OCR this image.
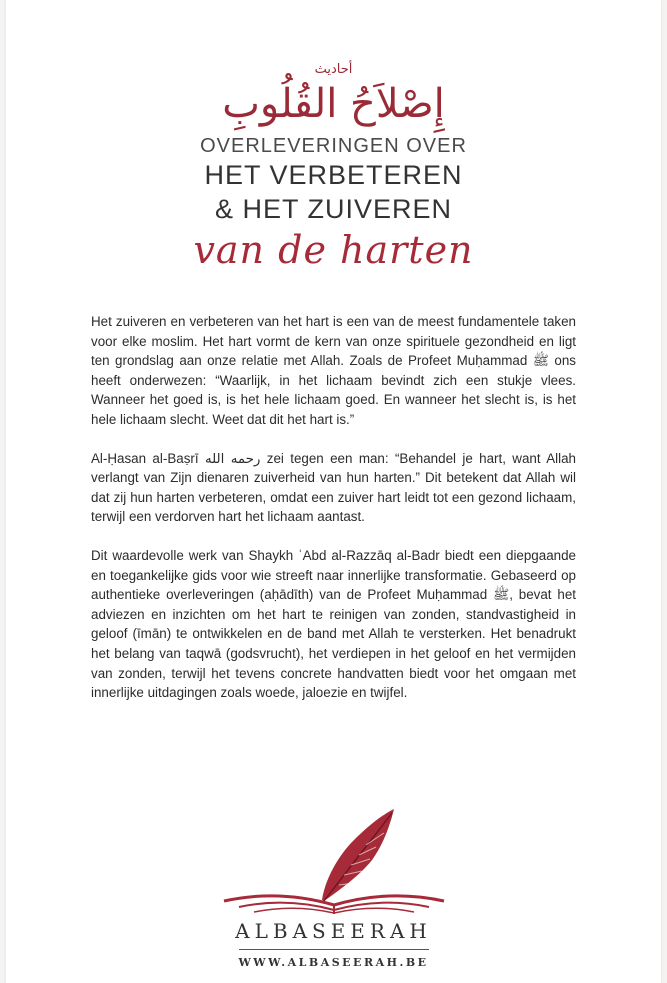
أحاديث
إِصْلاَحُ القُلُوبِ
OVERLEVERINGEN OVER
HET VERBETEREN
& HET ZUIVEREN
van de harten

Het zuiveren en verbeteren van het hart is een van de meest fundamentele taken voor elke moslim. Het hart vormt de kern van onze spirituele gezondheid en ligt ten grondslag aan onze relatie met Allah. Zoals de Profeet Muḥammad ﷺ ons heeft onderwezen: “Waarlijk, in het lichaam bevindt zich een stukje vlees. Wanneer het goed is, is het hele lichaam goed. En wanneer het slecht is, is het hele lichaam slecht. Weet dat dit het hart is.”

Al-Ḥasan al-Baṣrī رحمه الله zei tegen een man: “Behandel je hart, want Allah verlangt van Zijn dienaren zuiverheid van hun harten.” Dit betekent dat Allah wil dat zij hun harten verbeteren, omdat een zuiver hart leidt tot een gezond lichaam, terwijl een verdorven hart het lichaam aantast.

Dit waardevolle werk van Shaykh ʿAbd al-Razzāq al-Badr biedt een diepgaande en toegankelijke gids voor wie streeft naar innerlijke transformatie. Gebaseerd op authentieke overleveringen (aḥādīth) van de Profeet Muḥammad ﷺ, bevat het adviezen en inzichten om het hart te reinigen van zonden, standvastigheid in geloof (īmān) te ontwikkelen en de band met Allah te versterken. Het benadrukt het belang van taqwā (godsvrucht), het verdiepen in het geloof en het vermijden van zonden, terwijl het tevens concrete handvatten biedt voor het omgaan met innerlijke uitdagingen zoals woede, jaloezie en twijfel.

ALBASEERAH
WWW.ALBASEERAH.BE
